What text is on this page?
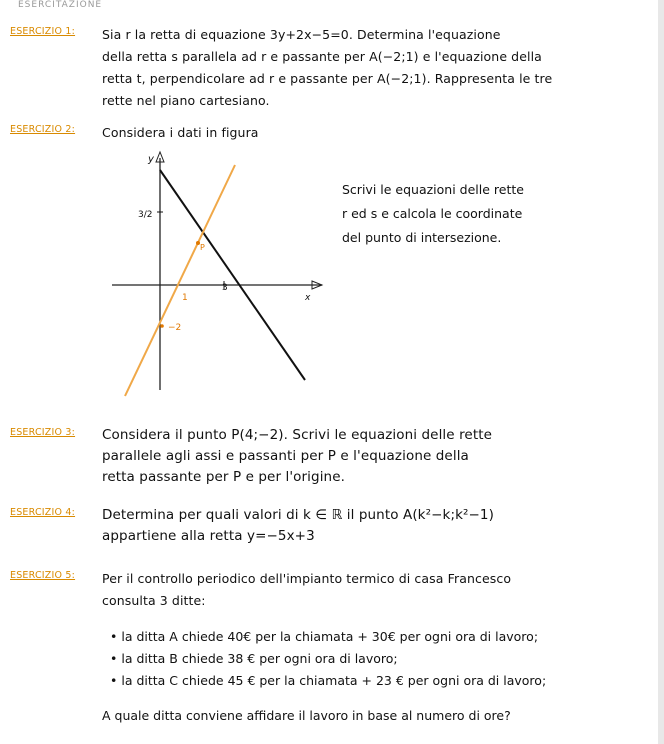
ESERCITAZIONE
ESERCIZIO 1: Sia r la retta di equazione 3y+2x−5=0. Determina l'equazione
della retta s parallela ad r e passante per A(−2;1) e l'equazione della
retta t, perpendicolare ad r e passante per A(−2;1). Rappresenta le tre
rette nel piano cartesiano.
ESERCIZIO 2: Considera i dati in figura
y
x
3/2
1
3
−2
P
Scrivi le equazioni delle rette
r ed s e calcola le coordinate
del punto di intersezione.
ESERCIZIO 3: Considera il punto P(4;−2). Scrivi le equazioni delle rette
parallele agli assi e passanti per P e l'equazione della
retta passante per P e per l'origine.
ESERCIZIO 4: Determina per quali valori di k ∈ ℝ il punto A(k²−k;k²−1)
appartiene alla retta y=−5x+3
ESERCIZIO 5: Per il controllo periodico dell'impianto termico di casa Francesco
consulta 3 ditte:
• la ditta A chiede 40€ per la chiamata + 30€ per ogni ora di lavoro;
• la ditta B chiede 38 € per ogni ora di lavoro;
• la ditta C chiede 45 € per la chiamata + 23 € per ogni ora di lavoro;
A quale ditta conviene affidare il lavoro in base al numero di ore?
